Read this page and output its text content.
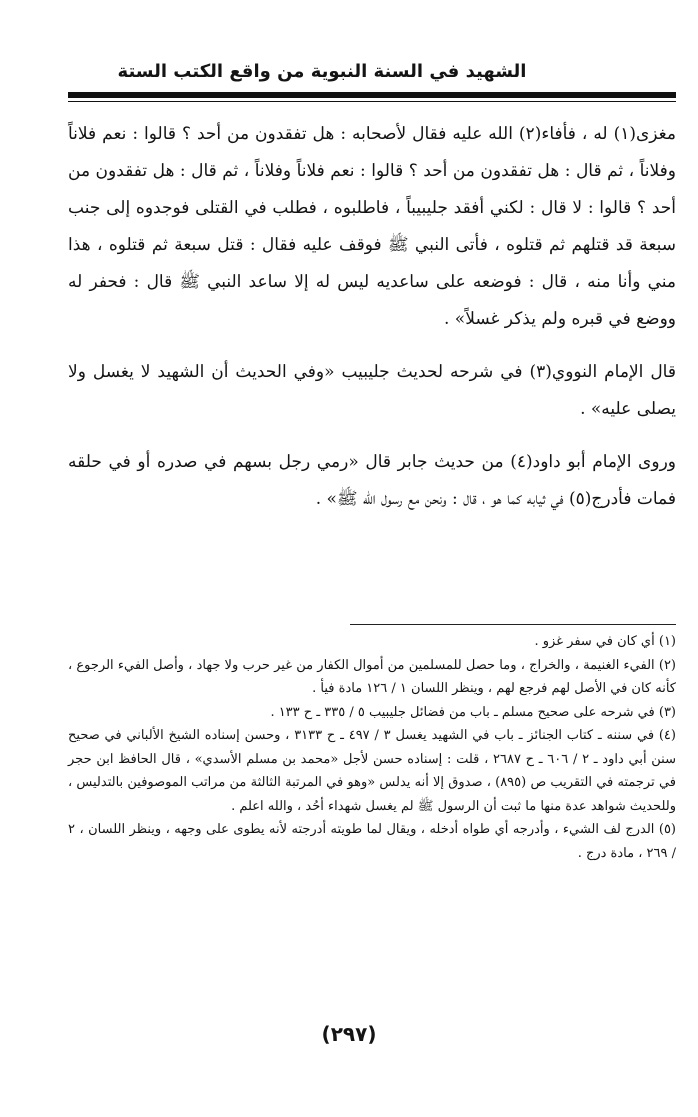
الشهيد في السنة النبوية من واقع الكتب الستة

مغزى(١) له ، فأفاء(٢) الله عليه فقال لأصحابه : هل تفقدون من أحد ؟ قالوا : نعم فلاناً وفلاناً ، ثم قال : هل تفقدون من أحد ؟ قالوا : نعم فلاناً وفلاناً ، ثم قال : هل تفقدون من أحد ؟ قالوا : لا قال : لكني أفقد جليبيباً ، فاطلبوه ، فطلب في القتلى فوجدوه إلى جنب سبعة قد قتلهم ثم قتلوه ، فأتى النبي ﷺ فوقف عليه فقال : قتل سبعة ثم قتلوه ، هذا مني وأنا منه ، قال : فوضعه على ساعديه ليس له إلا ساعد النبي ﷺ قال : فحفر له ووضع في قبره ولم يذكر غسلاً» .

قال الإمام النووي(٣) في شرحه لحديث جليبيب «وفي الحديث أن الشهيد لا يغسل ولا يصلى عليه» .

وروى الإمام أبو داود(٤) من حديث جابر قال «رمي رجل بسهم في صدره أو في حلقه فمات فأدرج(٥) في ثيابه كما هو ، قال : ونحن مع رسول الله ﷺ» .

(١) أي كان في سفر غزو .

(٢) الفيء الغنيمة ، والخراج ، وما حصل للمسلمين من أموال الكفار من غير حرب ولا جهاد ، وأصل الفيء الرجوع ، كأنه كان في الأصل لهم فرجع لهم ، وينظر اللسان ١ / ١٢٦ مادة فيأ .

(٣) في شرحه على صحيح مسلم ـ باب من فضائل جليبيب ٥ / ٣٣٥ ـ ح ١٣٣ .

(٤) في سننه ـ كتاب الجنائز ـ باب في الشهيد يغسل ٣ / ٤٩٧ ـ ح ٣١٣٣ ، وحسن إسناده الشيخ الألباني في صحيح سنن أبي داود ـ ٢ / ٦٠٦ ـ ح ٢٦٨٧ ، قلت : إسناده حسن لأجل «محمد بن مسلم الأسدي» ، قال الحافظ ابن حجر في ترجمته في التقريب ص (٨٩٥) ، صدوق إلا أنه يدلس «وهو في المرتبة الثالثة من مراتب الموصوفين بالتدليس ، وللحديث شواهد عدة منها ما ثبت أن الرسول ﷺ لم يغسل شهداء أحُد ، والله اعلم .

(٥) الدرج لف الشيء ، وأدرجه أي طواه أدخله ، ويقال لما طويته أدرجته لأنه يطوى على وجهه ، وينظر اللسان ، ٢ / ٢٦٩ ، مادة درج .

(٢٩٧)
